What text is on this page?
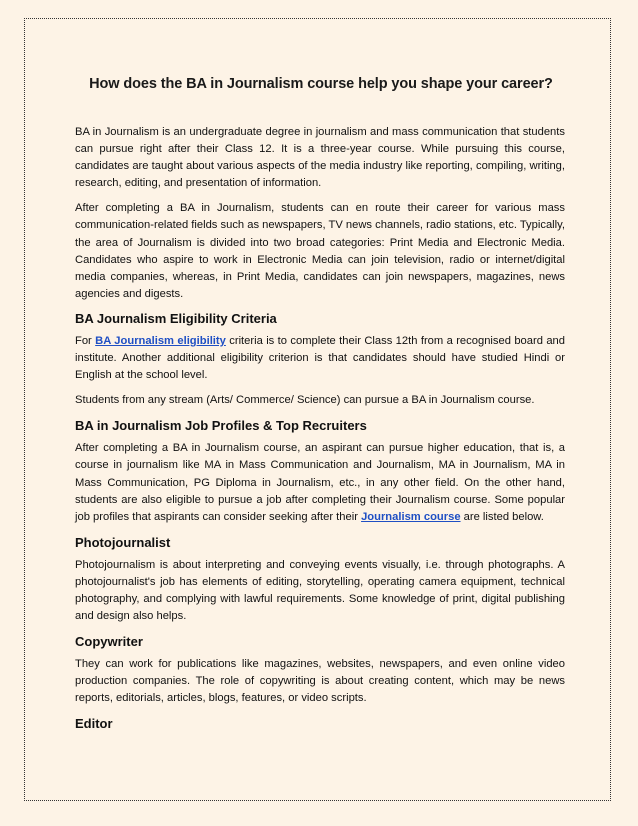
How does the BA in Journalism course help you shape your career?

BA in Journalism is an undergraduate degree in journalism and mass communication that students can pursue right after their Class 12. It is a three-year course. While pursuing this course, candidates are taught about various aspects of the media industry like reporting, compiling, writing, research, editing, and presentation of information.

After completing a BA in Journalism, students can en route their career for various mass communication-related fields such as newspapers, TV news channels, radio stations, etc. Typically, the area of Journalism is divided into two broad categories: Print Media and Electronic Media. Candidates who aspire to work in Electronic Media can join television, radio or internet/digital media companies, whereas, in Print Media, candidates can join newspapers, magazines, news agencies and digests.

BA Journalism Eligibility Criteria

For BA Journalism eligibility criteria is to complete their Class 12th from a recognised board and institute. Another additional eligibility criterion is that candidates should have studied Hindi or English at the school level.

Students from any stream (Arts/ Commerce/ Science) can pursue a BA in Journalism course.

BA in Journalism Job Profiles & Top Recruiters

After completing a BA in Journalism course, an aspirant can pursue higher education, that is, a course in journalism like MA in Mass Communication and Journalism, MA in Journalism, MA in Mass Communication, PG Diploma in Journalism, etc., in any other field. On the other hand, students are also eligible to pursue a job after completing their Journalism course. Some popular job profiles that aspirants can consider seeking after their Journalism course are listed below.

Photojournalist

Photojournalism is about interpreting and conveying events visually, i.e. through photographs. A photojournalist's job has elements of editing, storytelling, operating camera equipment, technical photography, and complying with lawful requirements. Some knowledge of print, digital publishing and design also helps.

Copywriter

They can work for publications like magazines, websites, newspapers, and even online video production companies. The role of copywriting is about creating content, which may be news reports, editorials, articles, blogs, features, or video scripts.

Editor
